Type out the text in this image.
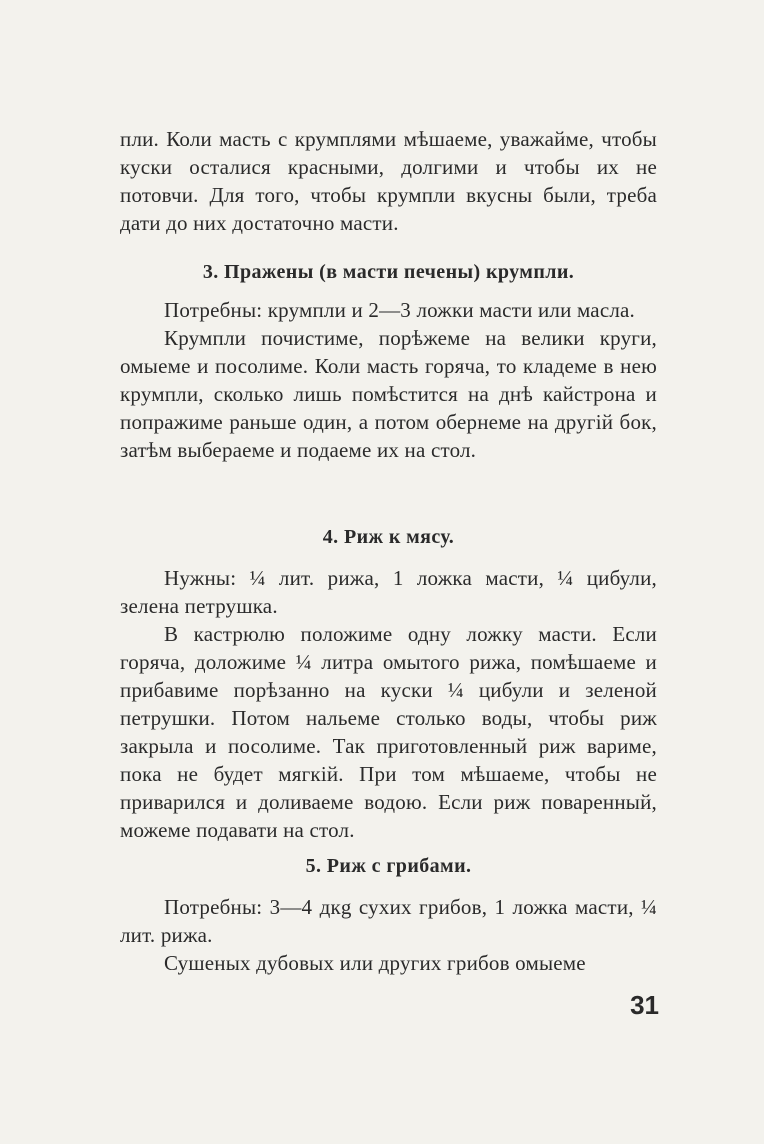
пли. Коли масть с крумплями мѣшаеме, уважайме, чтобы куски осталися красными, долгими и чтобы их не потовчи. Для того, чтобы крумпли вкусны были, треба дати до них достаточно масти.

3. Пражены (в масти печены) крумпли.

Потребны: крумпли и 2—3 ложки масти или масла.

Крумпли почистиме, порѣжеме на велики круги, омыеме и посолиме. Коли масть горяча, то кладеме в нею крумпли, сколько лишь помѣстится на днѣ кайстрона и попражиме раньше один, а потом обернеме на другій бок, затѣм выбераеме и подаеме их на стол.

4. Риж к мясу.

Нужны: ¼ лит. рижа, 1 ложка масти, ¼ цибули, зелена петрушка.

В кастрюлю положиме одну ложку масти. Если горяча, доложиме ¼ литра омытого рижа, помѣшаеме и прибавиме порѣзанно на куски ¼ цибули и зеленой петрушки. Потом нальеме столько воды, чтобы риж закрыла и посолиме. Так приготовленный риж вариме, пока не будет мягкій. При том мѣшаеме, чтобы не приварился и доливаеме водою. Если риж поваренный, можеме подавати на стол.

5. Риж с грибами.

Потребны: 3—4 дкg сухих грибов, 1 ложка масти, ¼ лит. рижа.

Сушеных дубовых или других грибов омыеме

31
